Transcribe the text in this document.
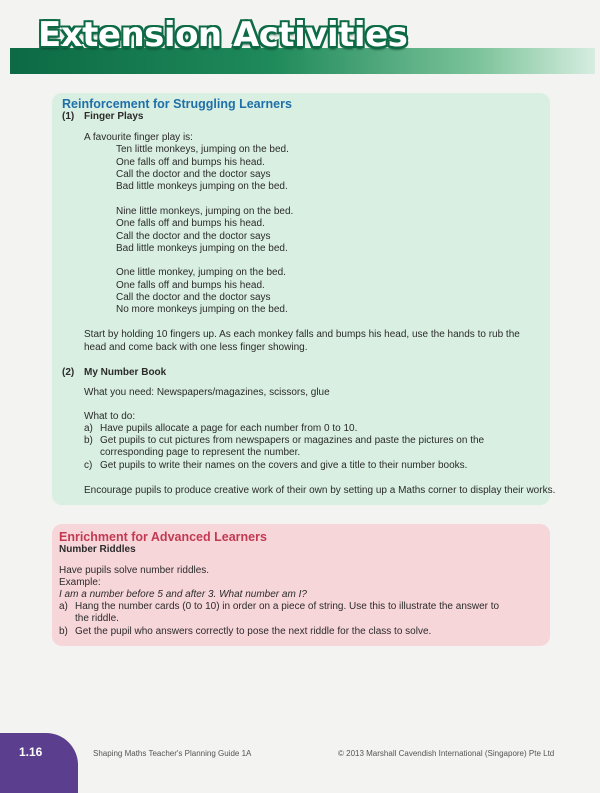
Extension Activities
Reinforcement for Struggling Learners
(1) Finger Plays
A favourite finger play is:
Ten little monkeys, jumping on the bed.
One falls off and bumps his head.
Call the doctor and the doctor says
Bad little monkeys jumping on the bed.
Nine little monkeys, jumping on the bed.
One falls off and bumps his head.
Call the doctor and the doctor says
Bad little monkeys jumping on the bed.
One little monkey, jumping on the bed.
One falls off and bumps his head.
Call the doctor and the doctor says
No more monkeys jumping on the bed.
Start by holding 10 fingers up. As each monkey falls and bumps his head, use the hands to rub the
head and come back with one less finger showing.
(2) My Number Book
What you need: Newspapers/magazines, scissors, glue
What to do:
a) Have pupils allocate a page for each number from 0 to 10.
b) Get pupils to cut pictures from newspapers or magazines and paste the pictures on the
corresponding page to represent the number.
c) Get pupils to write their names on the covers and give a title to their number books.
Encourage pupils to produce creative work of their own by setting up a Maths corner to display their works.
Enrichment for Advanced Learners
Number Riddles
Have pupils solve number riddles.
Example:
I am a number before 5 and after 3. What number am I?
a) Hang the number cards (0 to 10) in order on a piece of string. Use this to illustrate the answer to
the riddle.
b) Get the pupil who answers correctly to pose the next riddle for the class to solve.
1.16	Shaping Maths Teacher's Planning Guide 1A	© 2013 Marshall Cavendish International (Singapore) Pte Ltd
